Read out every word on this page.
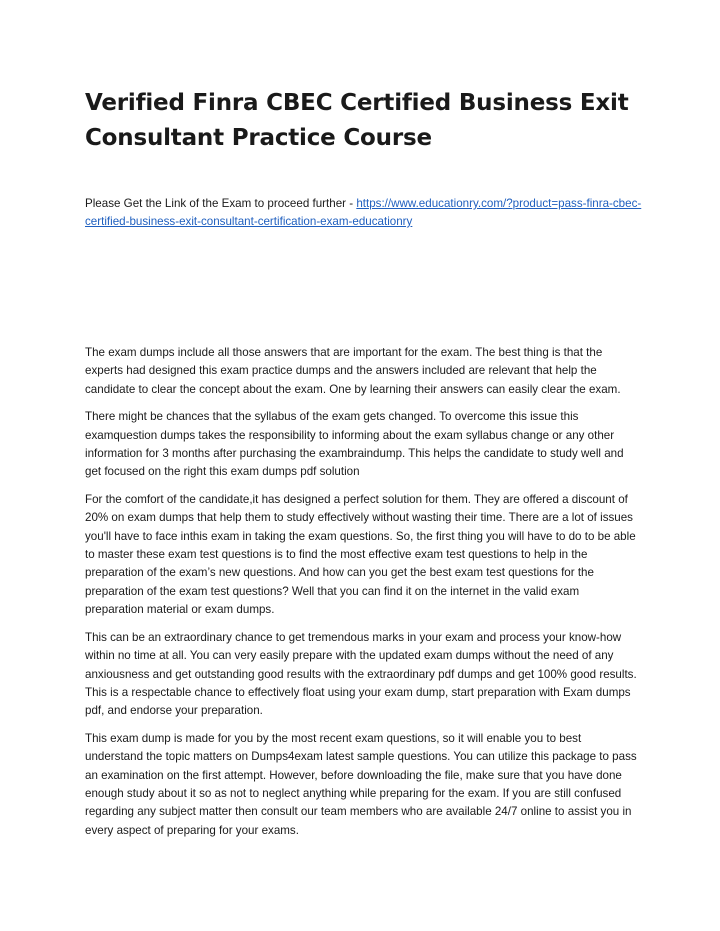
Verified Finra CBEC Certified Business Exit Consultant Practice Course

Please Get the Link of the Exam to proceed further - https://www.educationry.com/?product=pass-finra-cbec-certified-business-exit-consultant-certification-exam-educationry

The exam dumps include all those answers that are important for the exam. The best thing is that the experts had designed this exam practice dumps and the answers included are relevant that help the candidate to clear the concept about the exam. One by learning their answers can easily clear the exam.

There might be chances that the syllabus of the exam gets changed. To overcome this issue this examquestion dumps takes the responsibility to informing about the exam syllabus change or any other information for 3 months after purchasing the exambraindump. This helps the candidate to study well and get focused on the right this exam dumps pdf solution

For the comfort of the candidate,it has designed a perfect solution for them. They are offered a discount of 20% on exam dumps that help them to study effectively without wasting their time. There are a lot of issues you'll have to face inthis exam in taking the exam questions. So, the first thing you will have to do to be able to master these exam test questions is to find the most effective exam test questions to help in the preparation of the exam’s new questions. And how can you get the best exam test questions for the preparation of the exam test questions? Well that you can find it on the internet in the valid exam preparation material or exam dumps.

This can be an extraordinary chance to get tremendous marks in your exam and process your know-how within no time at all. You can very easily prepare with the updated exam dumps without the need of any anxiousness and get outstanding good results with the extraordinary pdf dumps and get 100% good results. This is a respectable chance to effectively float using your exam dump, start preparation with Exam dumps pdf, and endorse your preparation.

This exam dump is made for you by the most recent exam questions, so it will enable you to best understand the topic matters on Dumps4exam latest sample questions. You can utilize this package to pass an examination on the first attempt. However, before downloading the file, make sure that you have done enough study about it so as not to neglect anything while preparing for the exam. If you are still confused regarding any subject matter then consult our team members who are available 24/7 online to assist you in every aspect of preparing for your exams.
